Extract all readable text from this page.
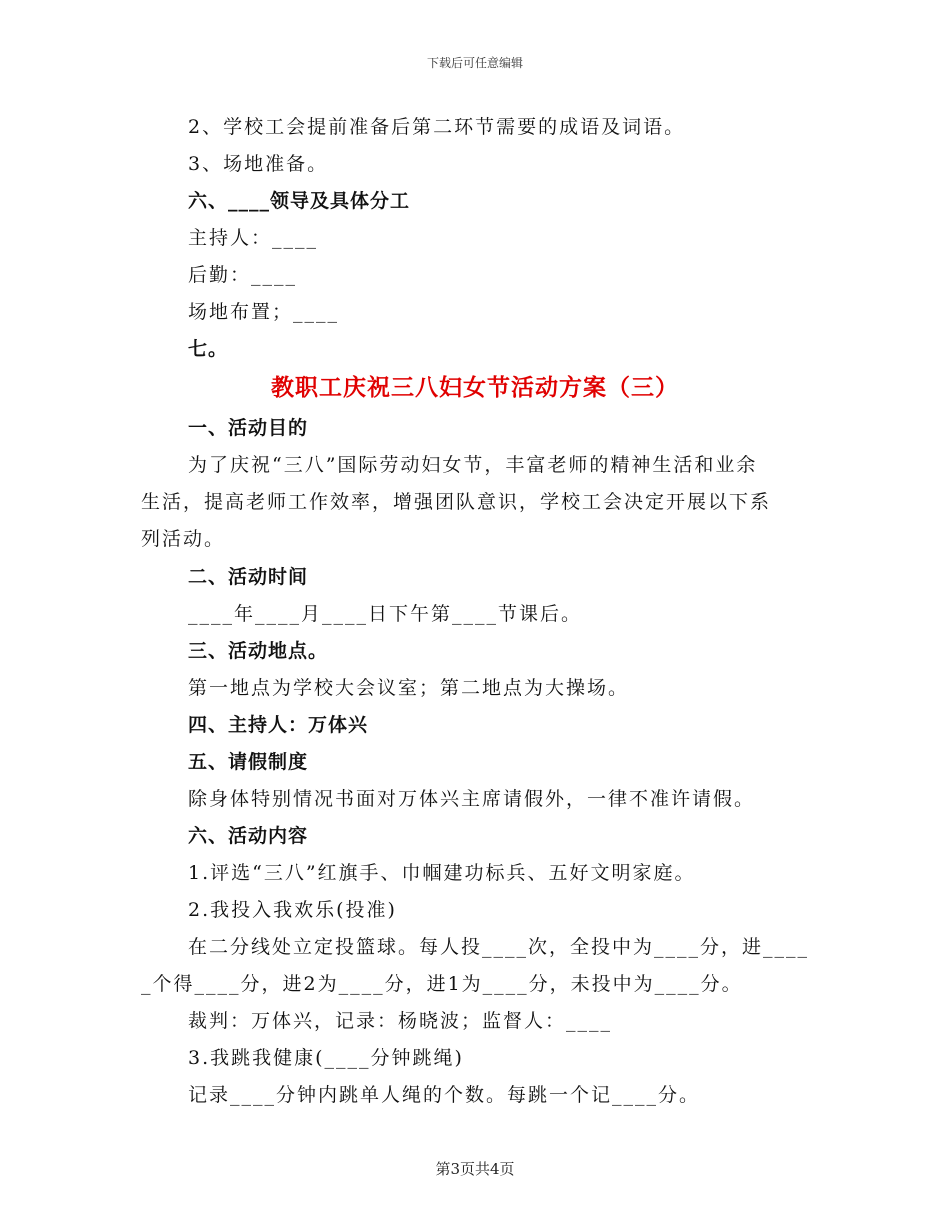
下载后可任意编辑
2、学校工会提前准备后第二环节需要的成语及词语。
3、场地准备。
六、____领导及具体分工
主持人：____
后勤：____
场地布置；____
七。
教职工庆祝三八妇女节活动方案（三）
一、活动目的
为了庆祝“三八”国际劳动妇女节，丰富老师的精神生活和业余
生活，提高老师工作效率，增强团队意识，学校工会决定开展以下系
列活动。
二、活动时间
____年____月____日下午第____节课后。
三、活动地点。
第一地点为学校大会议室；第二地点为大操场。
四、主持人：万体兴
五、请假制度
除身体特别情况书面对万体兴主席请假外，一律不准许请假。
六、活动内容
1.评选“三八”红旗手、巾帼建功标兵、五好文明家庭。
2.我投入我欢乐(投准)
在二分线处立定投篮球。每人投____次，全投中为____分，进____
_个得____分，进2为____分，进1为____分，未投中为____分。
裁判：万体兴，记录：杨晓波；监督人：____
3.我跳我健康(____分钟跳绳)
记录____分钟内跳单人绳的个数。每跳一个记____分。
第3页共4页
